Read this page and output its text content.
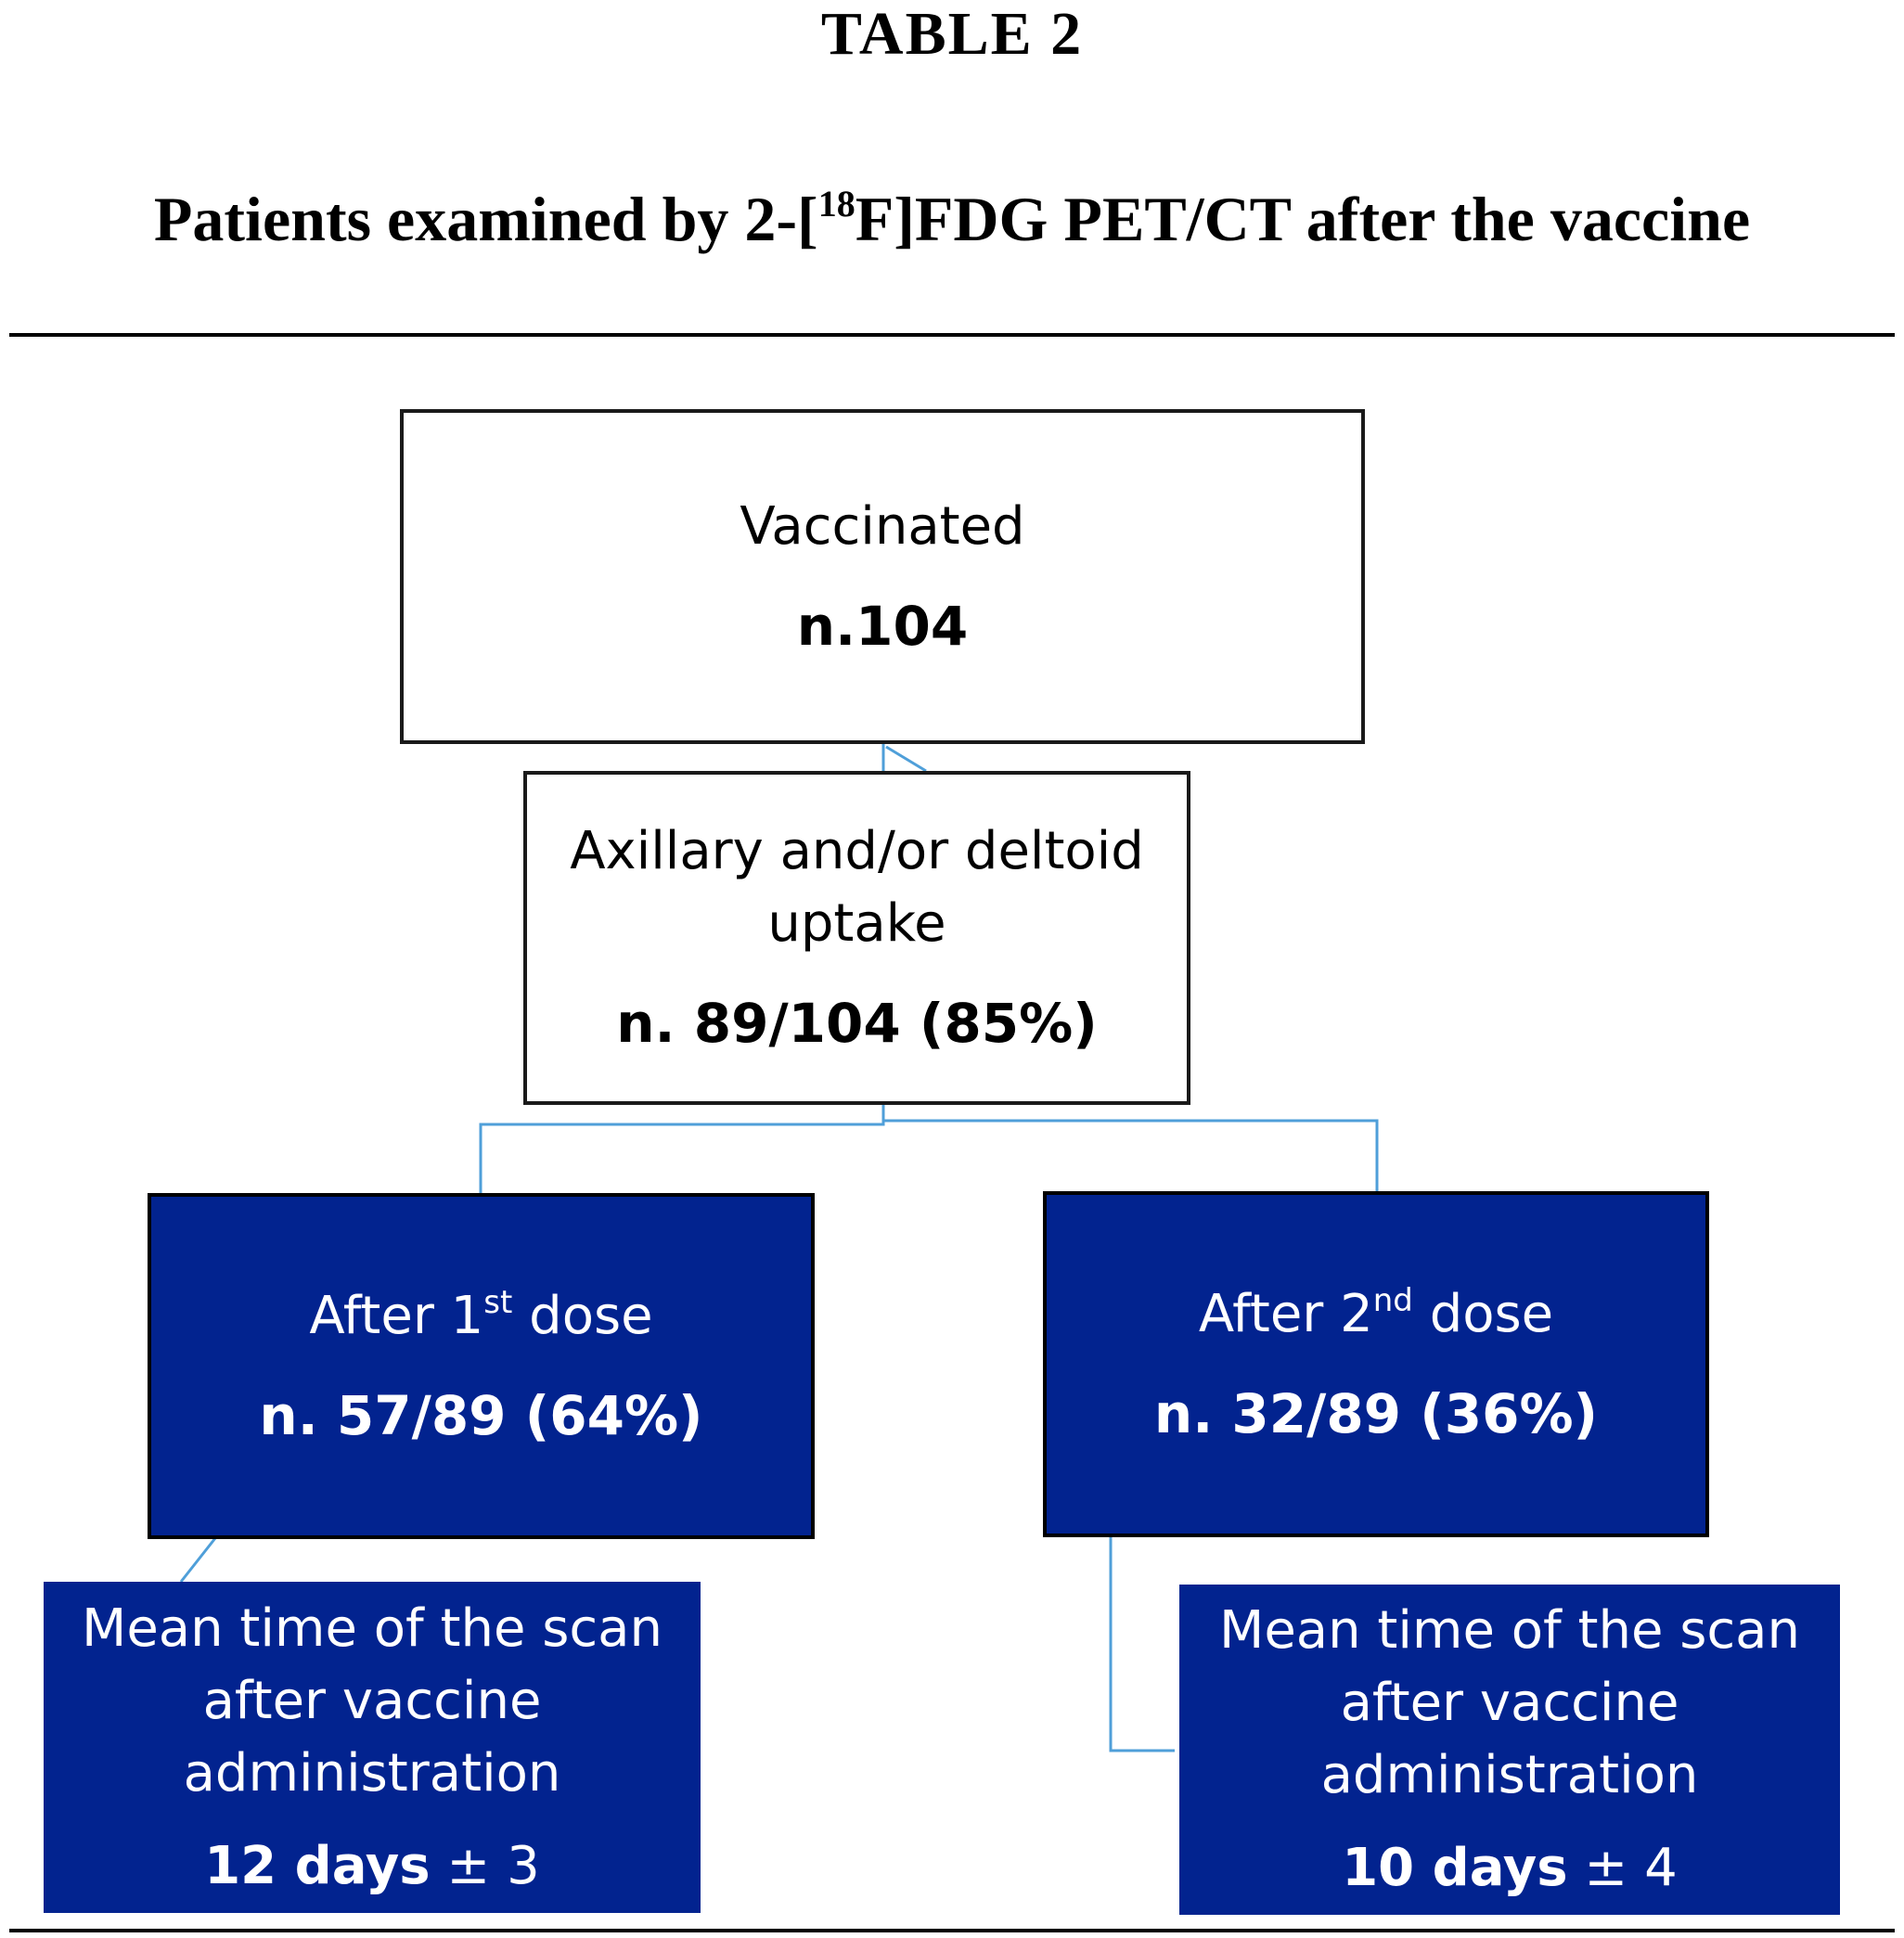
TABLE 2
Patients examined by 2-[$^{18}$F]FDG PET/CT after the vaccine
Vaccinated
n.104
Axillary and/or deltoid
uptake
n. 89/104 (85%)
After 1st dose
n. 57/89 (64%)
After 2nd dose
n. 32/89 (36%)
Mean time of the scan
after vaccine
administration
12 days ± 3
Mean time of the scan
after vaccine
administration
10 days ± 4
